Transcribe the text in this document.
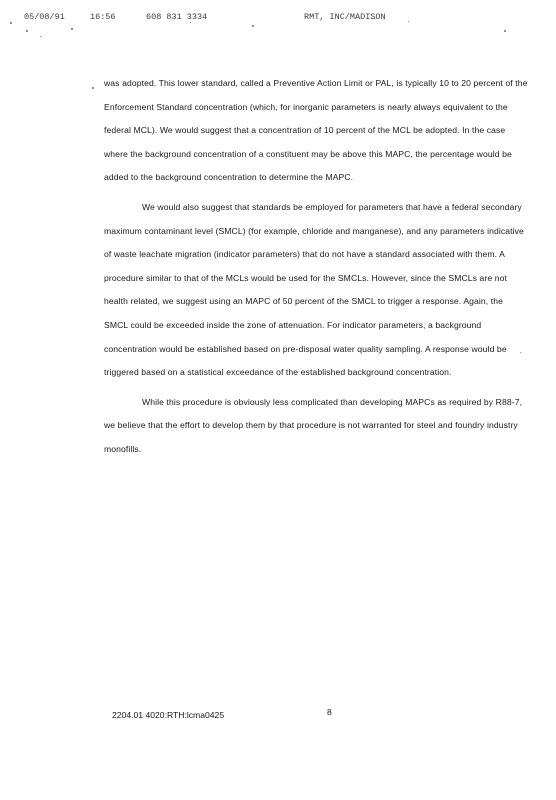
05/08/91	16:56	608 831 3334	RMT, INC/MADISON

was adopted. This lower standard, called a Preventive Action Limit or PAL, is typically 10 to 20 percent of the Enforcement Standard concentration (which, for inorganic parameters is nearly always equivalent to the federal MCL). We would suggest that a concentration of 10 percent of the MCL be adopted. In the case where the background concentration of a constituent may be above this MAPC, the percentage would be added to the background concentration to determine the MAPC.

We would also suggest that standards be employed for parameters that have a federal secondary maximum contaminant level (SMCL) (for example, chloride and manganese), and any parameters indicative of waste leachate migration (indicator parameters) that do not have a standard associated with them. A procedure similar to that of the MCLs would be used for the SMCLs. However, since the SMCLs are not health related, we suggest using an MAPC of 50 percent of the SMCL to trigger a response. Again, the SMCL could be exceeded inside the zone of attenuation. For indicator parameters, a background concentration would be established based on pre-disposal water quality sampling. A response would be triggered based on a statistical exceedance of the established background concentration.

While this procedure is obviously less complicated than developing MAPCs as required by R88-7, we believe that the effort to develop them by that procedure is not warranted for steel and foundry industry monofills.

2204.01 4020:RTH:lcma0425	8
